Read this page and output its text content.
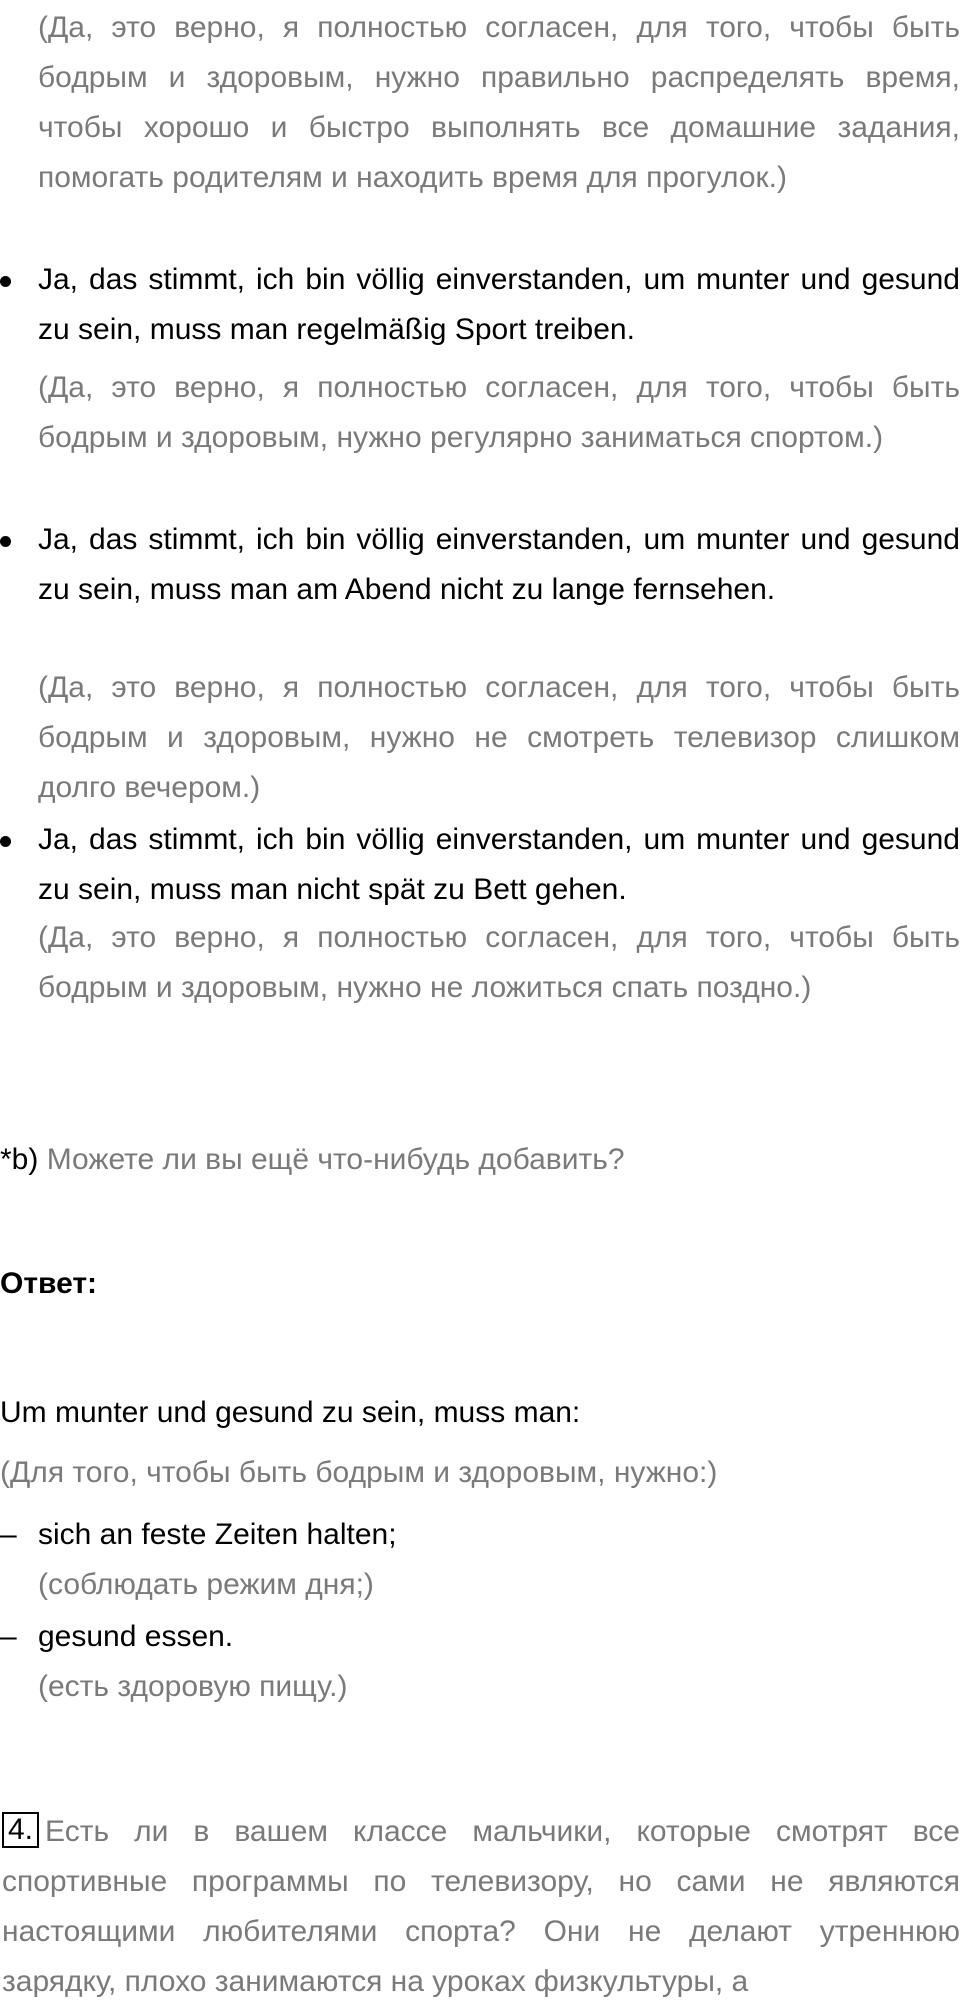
(Да, это верно, я полностью согласен, для того, чтобы быть бодрым и здоровым, нужно правильно распределять время, чтобы хорошо и быстро выполнять все домашние задания, помогать родителям и находить время для прогулок.)

Ja, das stimmt, ich bin völlig einverstanden, um munter und gesund zu sein, muss man regelmäßig Sport treiben.

(Да, это верно, я полностью согласен, для того, чтобы быть бодрым и здоровым, нужно регулярно заниматься спортом.)

Ja, das stimmt, ich bin völlig einverstanden, um munter und gesund zu sein, muss man am Abend nicht zu lange fernsehen.

(Да, это верно, я полностью согласен, для того, чтобы быть бодрым и здоровым, нужно не смотреть телевизор слишком долго вечером.)

Ja, das stimmt, ich bin völlig einverstanden, um munter und gesund zu sein, muss man nicht spät zu Bett gehen.

(Да, это верно, я полностью согласен, для того, чтобы быть бодрым и здоровым, нужно не ложиться спать поздно.)

*b) Можете ли вы ещё что-нибудь добавить?

Ответ:

Um munter und gesund zu sein, muss man:

(Для того, чтобы быть бодрым и здоровым, нужно:)

– sich an feste Zeiten halten;

(соблюдать режим дня;)

– gesund essen.

(есть здоровую пищу.)

4. Есть ли в вашем классе мальчики, которые смотрят все спортивные программы по телевизору, но сами не являются настоящими любителями спорта? Они не делают утреннюю зарядку, плохо занимаются на уроках физкультуры, а
